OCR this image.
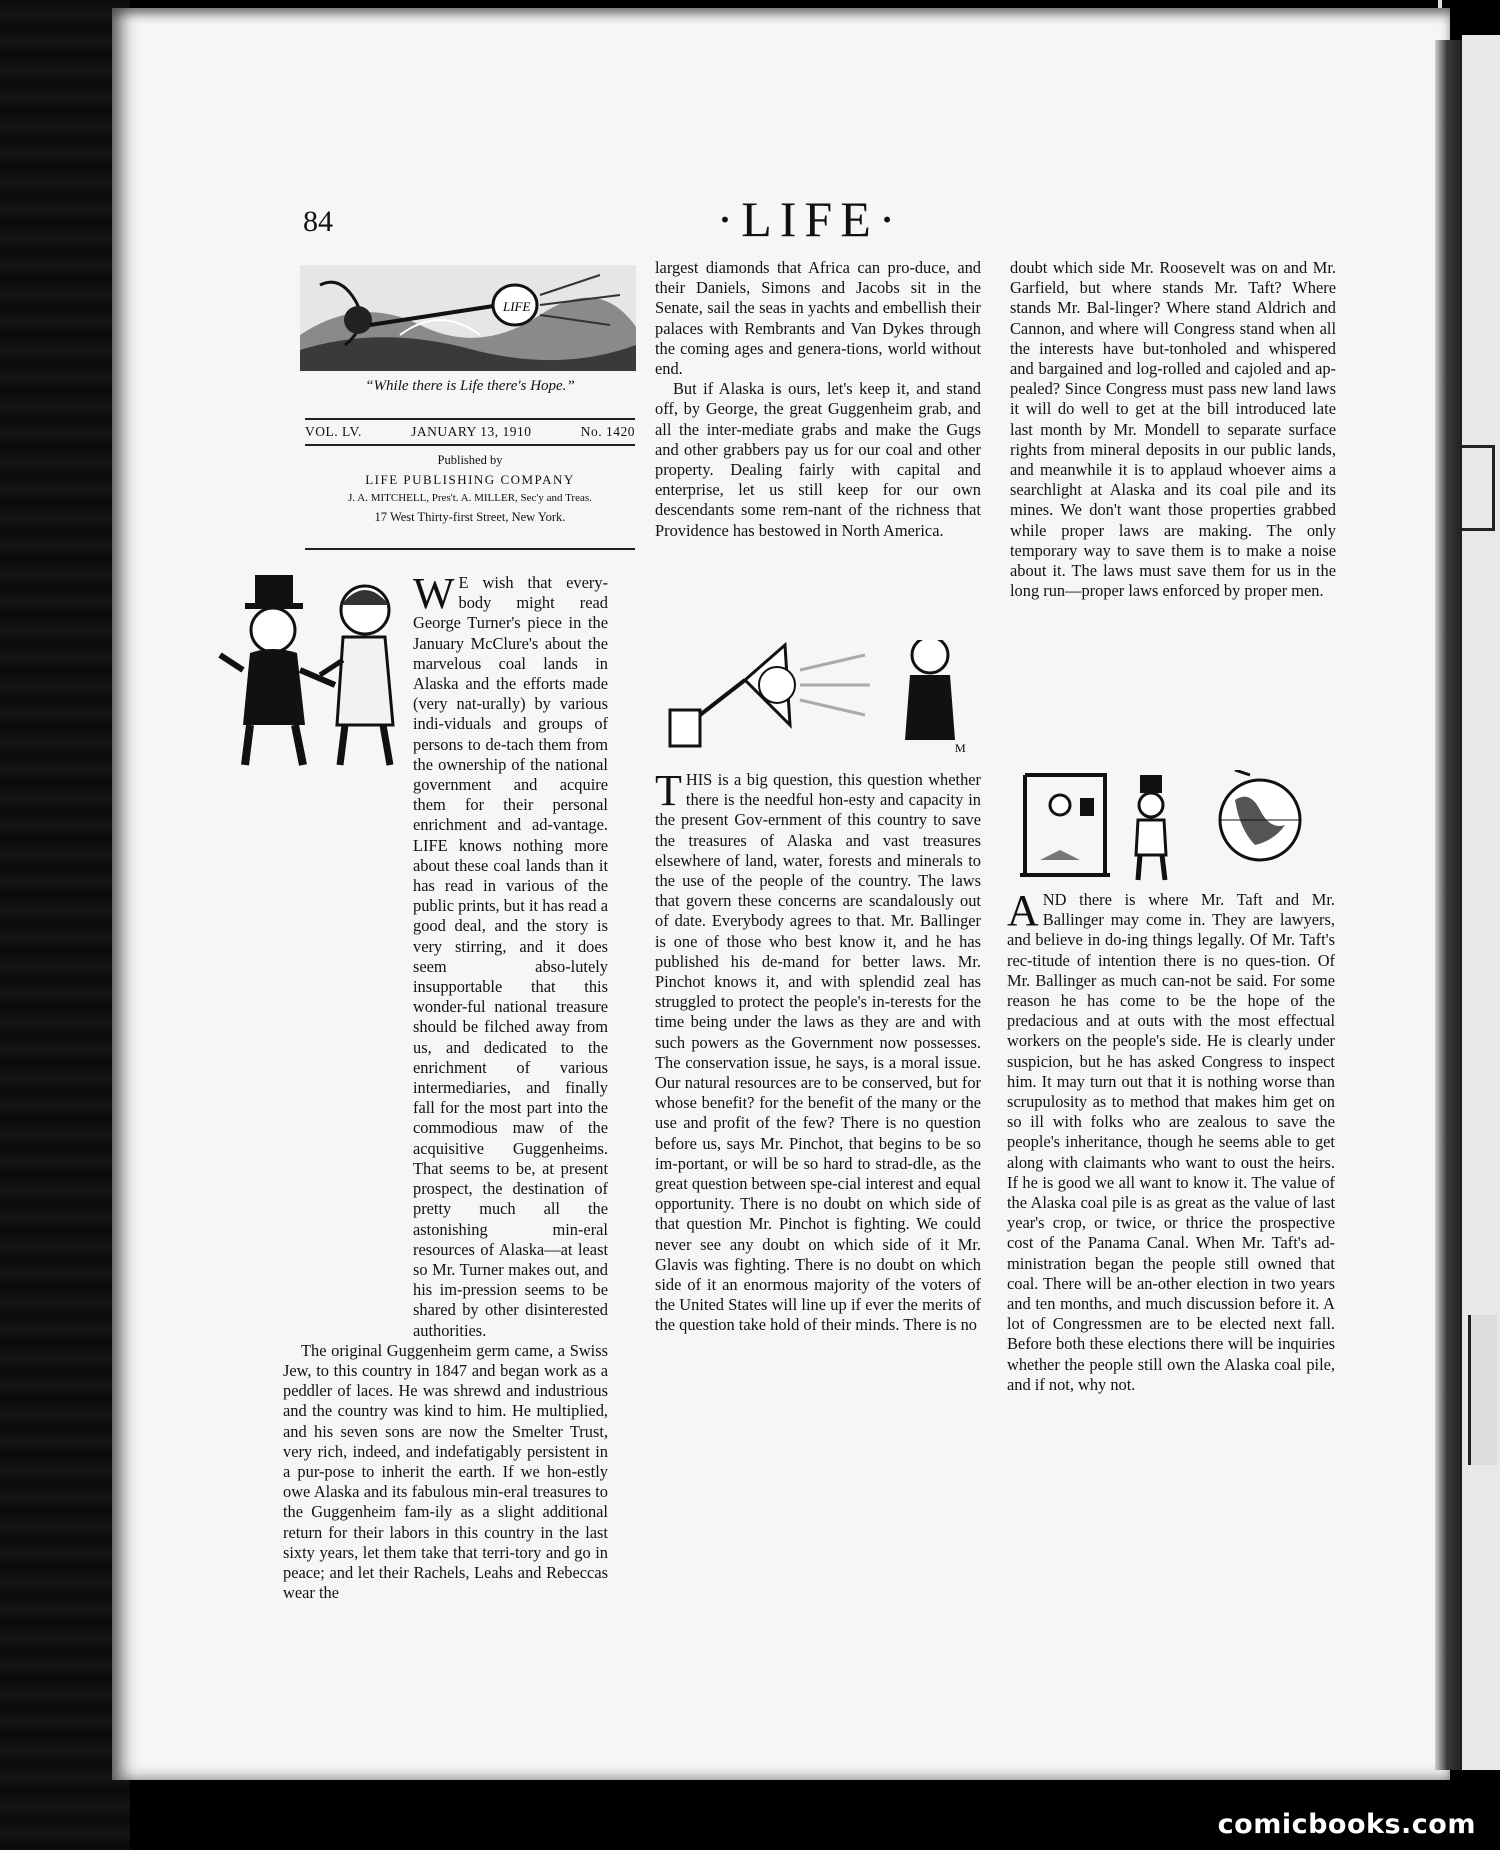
84	·LIFE·
LIFE
“While there is Life there's Hope.”
VOL. LV.	JANUARY 13, 1910	No. 1420
Published by
LIFE PUBLISHING COMPANY
J. A. MITCHELL, Pres't. A. MILLER, Sec'y and Treas.
17 West Thirty-first Street, New York.

W E wish that every-body might read George Turner's piece in the January McClure's about the marvelous coal lands in Alaska and the efforts made (very nat-urally) by various indi-viduals and groups of persons to de-tach them from the ownership of the national government and acquire them for their personal enrichment and ad-vantage. LIFE knows nothing more about these coal lands than it has read in various of the public prints, but it has read a good deal, and the story is very stirring, and it does seem abso-lutely insupportable that this wonder-ful national treasure should be filched away from us, and dedicated to the enrichment of various intermediaries, and finally fall for the most part into the commodious maw of the acquisitive Guggenheims. That seems to be, at present prospect, the destination of pretty much all the astonishing min-eral resources of Alaska—at least so Mr. Turner makes out, and his im-pression seems to be shared by other disinterested authorities.

The original Guggenheim germ came, a Swiss Jew, to this country in 1847 and began work as a peddler of laces. He was shrewd and industrious and the country was kind to him. He multiplied, and his seven sons are now the Smelter Trust, very rich, indeed, and indefatigably persistent in a pur-pose to inherit the earth. If we hon-estly owe Alaska and its fabulous min-eral treasures to the Guggenheim fam-ily as a slight additional return for their labors in this country in the last sixty years, let them take that terri-tory and go in peace; and let their Rachels, Leahs and Rebeccas wear the

largest diamonds that Africa can pro-duce, and their Daniels, Simons and Jacobs sit in the Senate, sail the seas in yachts and embellish their palaces with Rembrants and Van Dykes through the coming ages and genera-tions, world without end.

But if Alaska is ours, let's keep it, and stand off, by George, the great Guggenheim grab, and all the inter-mediate grabs and make the Gugs and other grabbers pay us for our coal and other property. Dealing fairly with capital and enterprise, let us still keep for our own descendants some rem-nant of the richness that Providence has bestowed in North America.

M

THIS is a big question, this question whether there is the needful hon-esty and capacity in the present Gov-ernment of this country to save the treasures of Alaska and vast treasures elsewhere of land, water, forests and minerals to the use of the people of the country. The laws that govern these concerns are scandalously out of date. Everybody agrees to that. Mr. Ballinger is one of those who best know it, and he has published his de-mand for better laws. Mr. Pinchot knows it, and with splendid zeal has struggled to protect the people's in-terests for the time being under the laws as they are and with such powers as the Government now possesses. The conservation issue, he says, is a moral issue. Our natural resources are to be conserved, but for whose benefit? for the benefit of the many or the use and profit of the few? There is no question before us, says Mr. Pinchot, that begins to be so im-portant, or will be so hard to strad-dle, as the great question between spe-cial interest and equal opportunity. There is no doubt on which side of that question Mr. Pinchot is fighting. We could never see any doubt on which side of it Mr. Glavis was fighting. There is no doubt on which side of it an enormous majority of the voters of the United States will line up if ever the merits of the question take hold of their minds. There is no

doubt which side Mr. Roosevelt was on and Mr. Garfield, but where stands Mr. Taft? Where stands Mr. Bal-linger? Where stand Aldrich and Cannon, and where will Congress stand when all the interests have but-tonholed and whispered and bargained and log-rolled and cajoled and ap-pealed? Since Congress must pass new land laws it will do well to get at the bill introduced late last month by Mr. Mondell to separate surface rights from mineral deposits in our public lands, and meanwhile it is to applaud whoever aims a searchlight at Alaska and its coal pile and its mines. We don't want those properties grabbed while proper laws are making. The only temporary way to save them is to make a noise about it. The laws must save them for us in the long run—proper laws enforced by proper men.

AND there is where Mr. Taft and Mr. Ballinger may come in. They are lawyers, and believe in do-ing things legally. Of Mr. Taft's rec-titude of intention there is no ques-tion. Of Mr. Ballinger as much can-not be said. For some reason he has come to be the hope of the predacious and at outs with the most effectual workers on the people's side. He is clearly under suspicion, but he has asked Congress to inspect him. It may turn out that it is nothing worse than scrupulosity as to method that makes him get on so ill with folks who are zealous to save the people's inheritance, though he seems able to get along with claimants who want to oust the heirs. If he is good we all want to know it. The value of the Alaska coal pile is as great as the value of last year's crop, or twice, or thrice the prospective cost of the Panama Canal. When Mr. Taft's ad-ministration began the people still owned that coal. There will be an-other election in two years and ten months, and much discussion before it. A lot of Congressmen are to be elected next fall. Before both these elections there will be inquiries whether the people still own the Alaska coal pile, and if not, why not.

comicbooks.com
